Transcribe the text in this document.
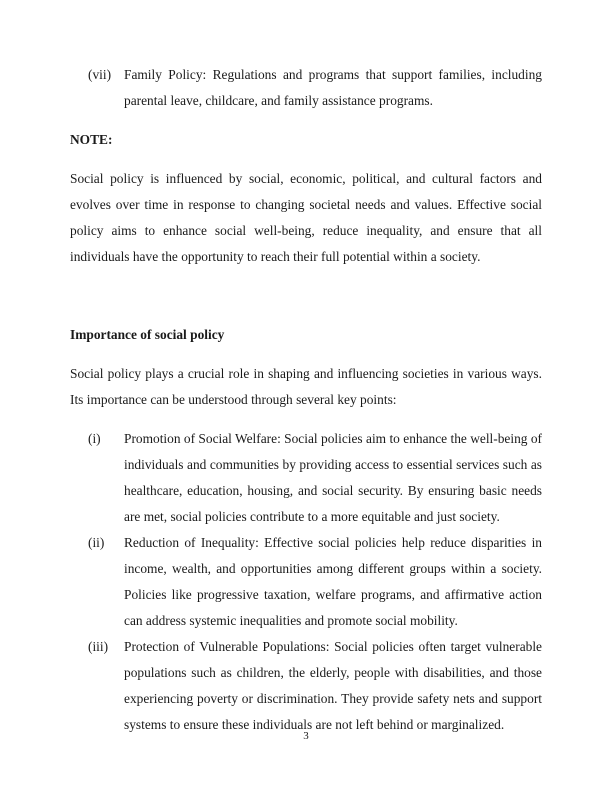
(vii) Family Policy: Regulations and programs that support families, including parental leave, childcare, and family assistance programs.

NOTE:

Social policy is influenced by social, economic, political, and cultural factors and evolves over time in response to changing societal needs and values. Effective social policy aims to enhance social well-being, reduce inequality, and ensure that all individuals have the opportunity to reach their full potential within a society.

Importance of social policy

Social policy plays a crucial role in shaping and influencing societies in various ways. Its importance can be understood through several key points:

(i)	Promotion of Social Welfare: Social policies aim to enhance the well-being of individuals and communities by providing access to essential services such as healthcare, education, housing, and social security. By ensuring basic needs are met, social policies contribute to a more equitable and just society.
(ii)	Reduction of Inequality: Effective social policies help reduce disparities in income, wealth, and opportunities among different groups within a society. Policies like progressive taxation, welfare programs, and affirmative action can address systemic inequalities and promote social mobility.
(iii)	Protection of Vulnerable Populations: Social policies often target vulnerable populations such as children, the elderly, people with disabilities, and those experiencing poverty or discrimination. They provide safety nets and support systems to ensure these individuals are not left behind or marginalized.
3
